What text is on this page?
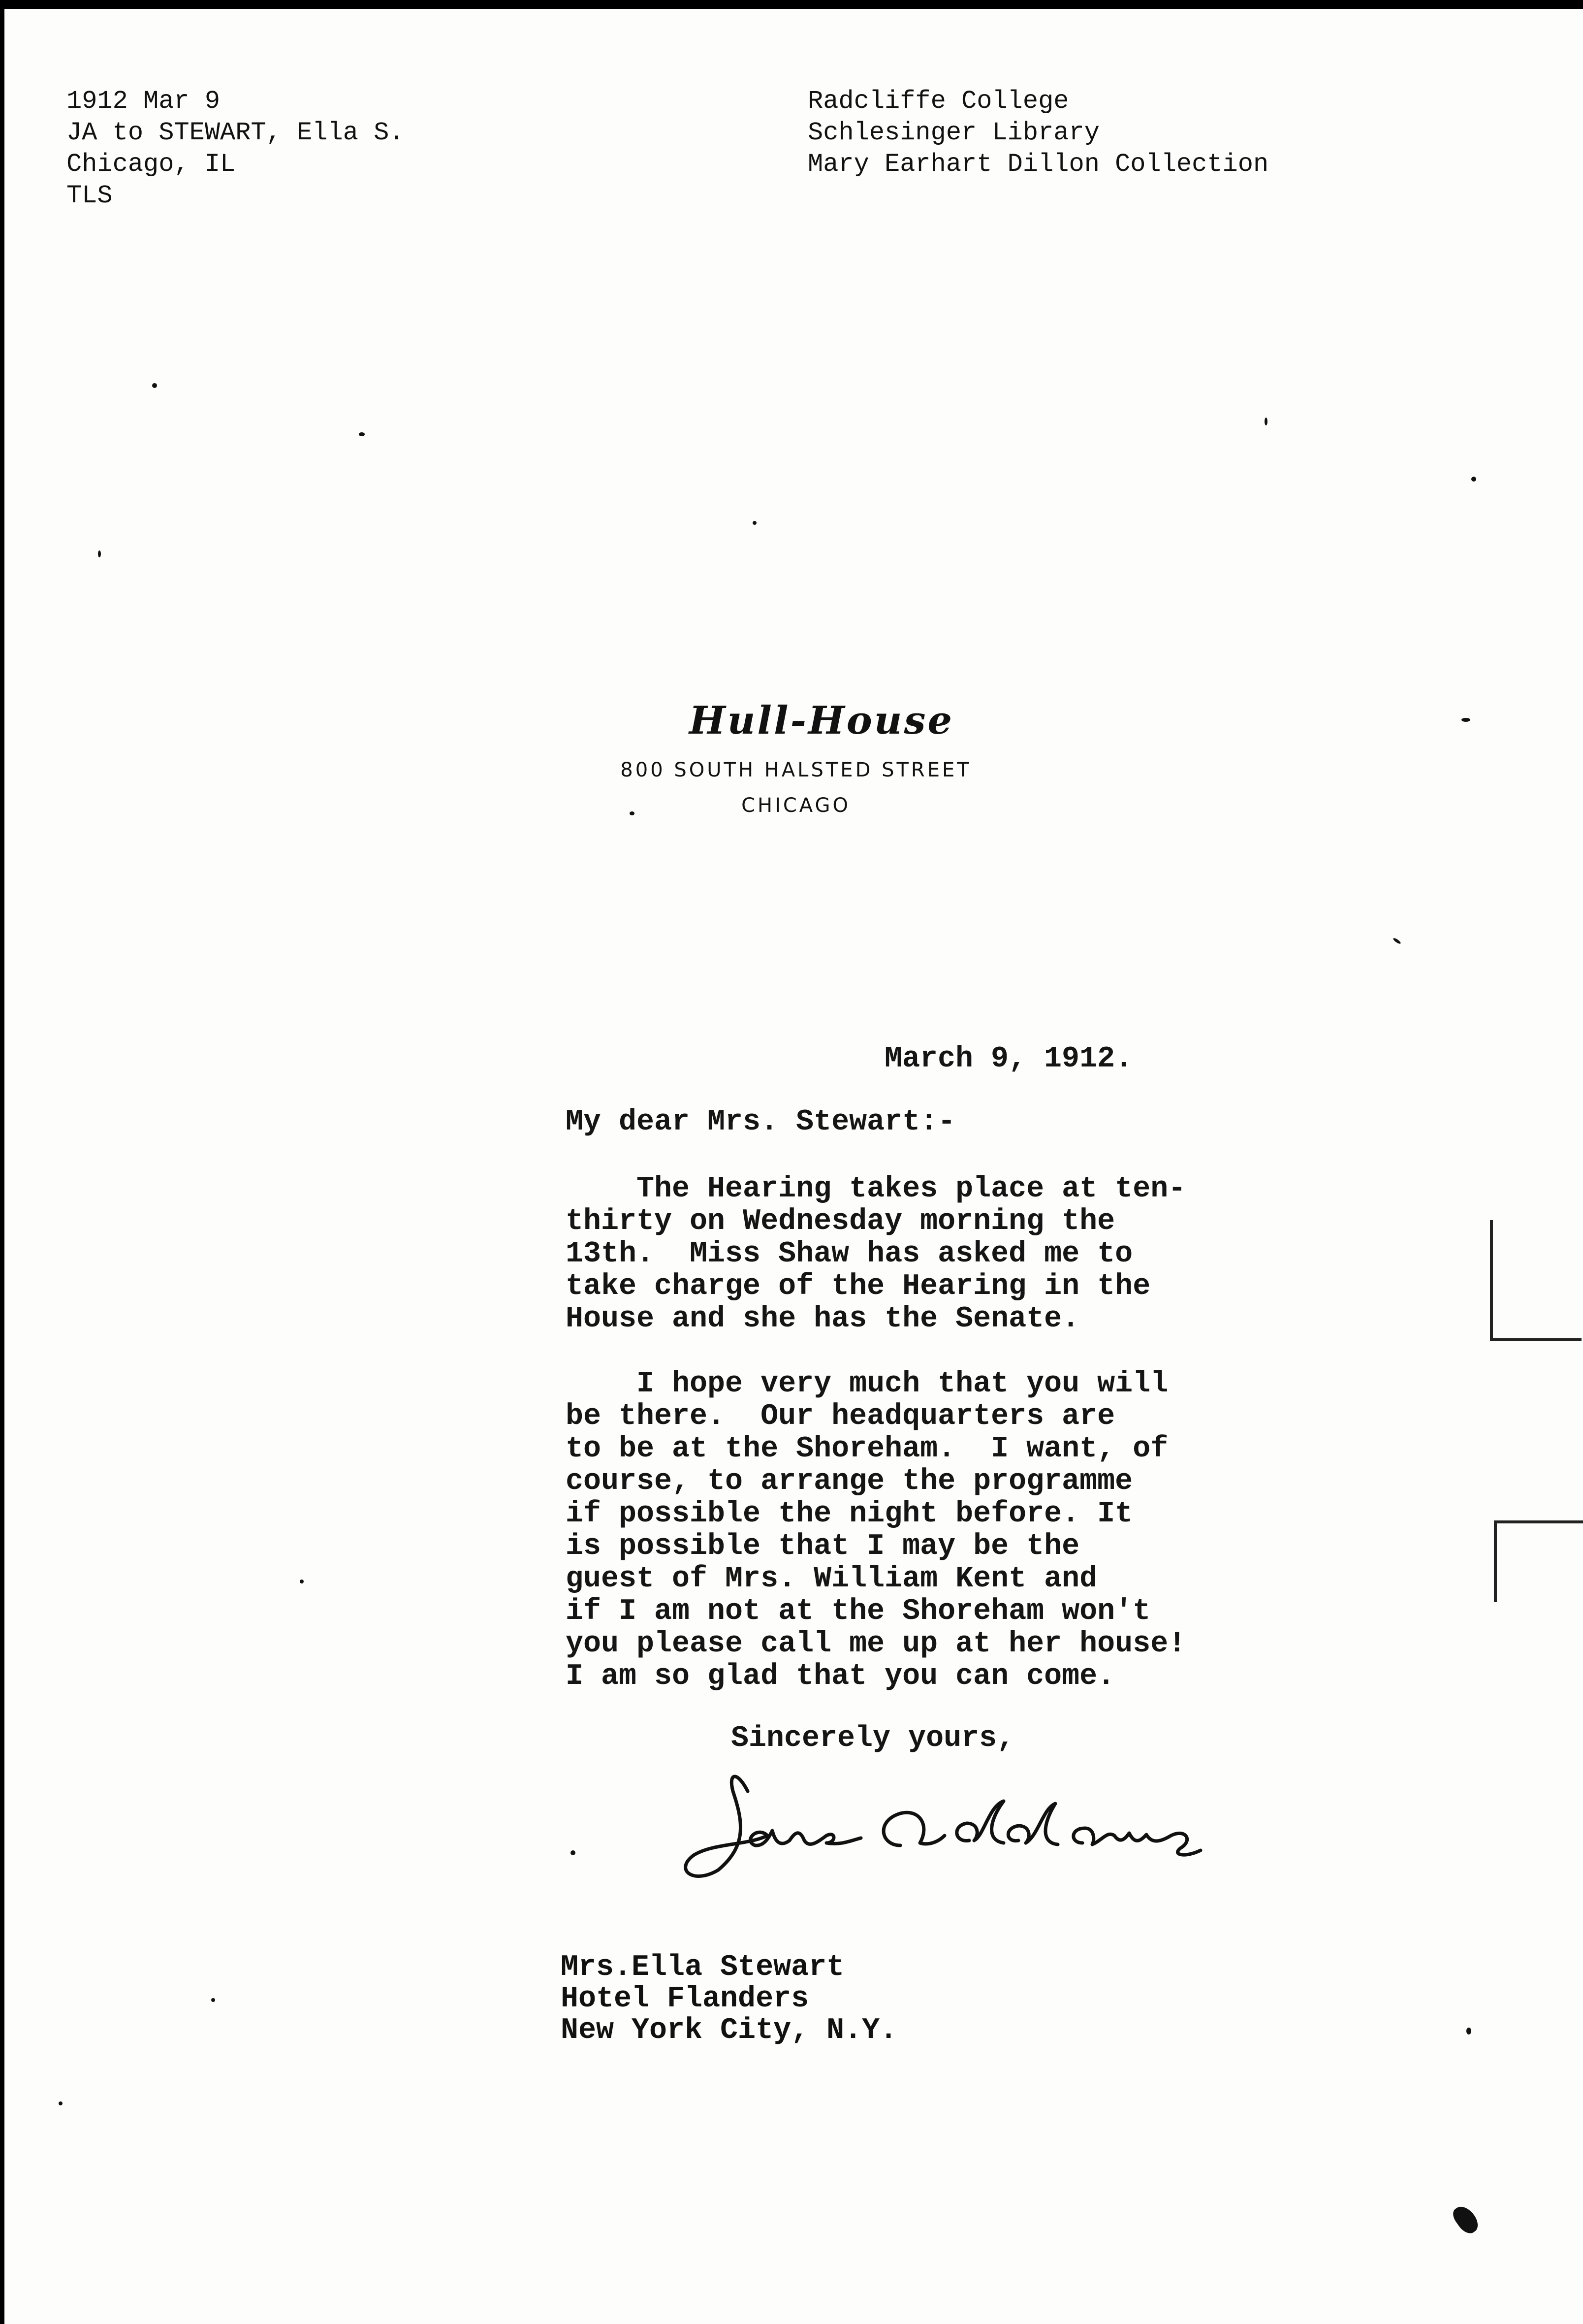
1912 Mar 9
JA to STEWART, Ella S.
Chicago, IL
TLS
Radcliffe College
Schlesinger Library
Mary Earhart Dillon Collection
Hull-House
800 SOUTH HALSTED STREET
CHICAGO
March 9, 1912.
My dear Mrs. Stewart:-
The Hearing takes place at ten-
thirty on Wednesday morning the
13th.  Miss Shaw has asked me to
take charge of the Hearing in the
House and she has the Senate.
I hope very much that you will
be there.  Our headquarters are
to be at the Shoreham.  I want, of
course, to arrange the programme
if possible the night before. It
is possible that I may be the
guest of Mrs. William Kent and
if I am not at the Shoreham won't
you please call me up at her house!
I am so glad that you can come.
Sincerely yours,
Mrs.Ella Stewart
Hotel Flanders
New York City, N.Y.
